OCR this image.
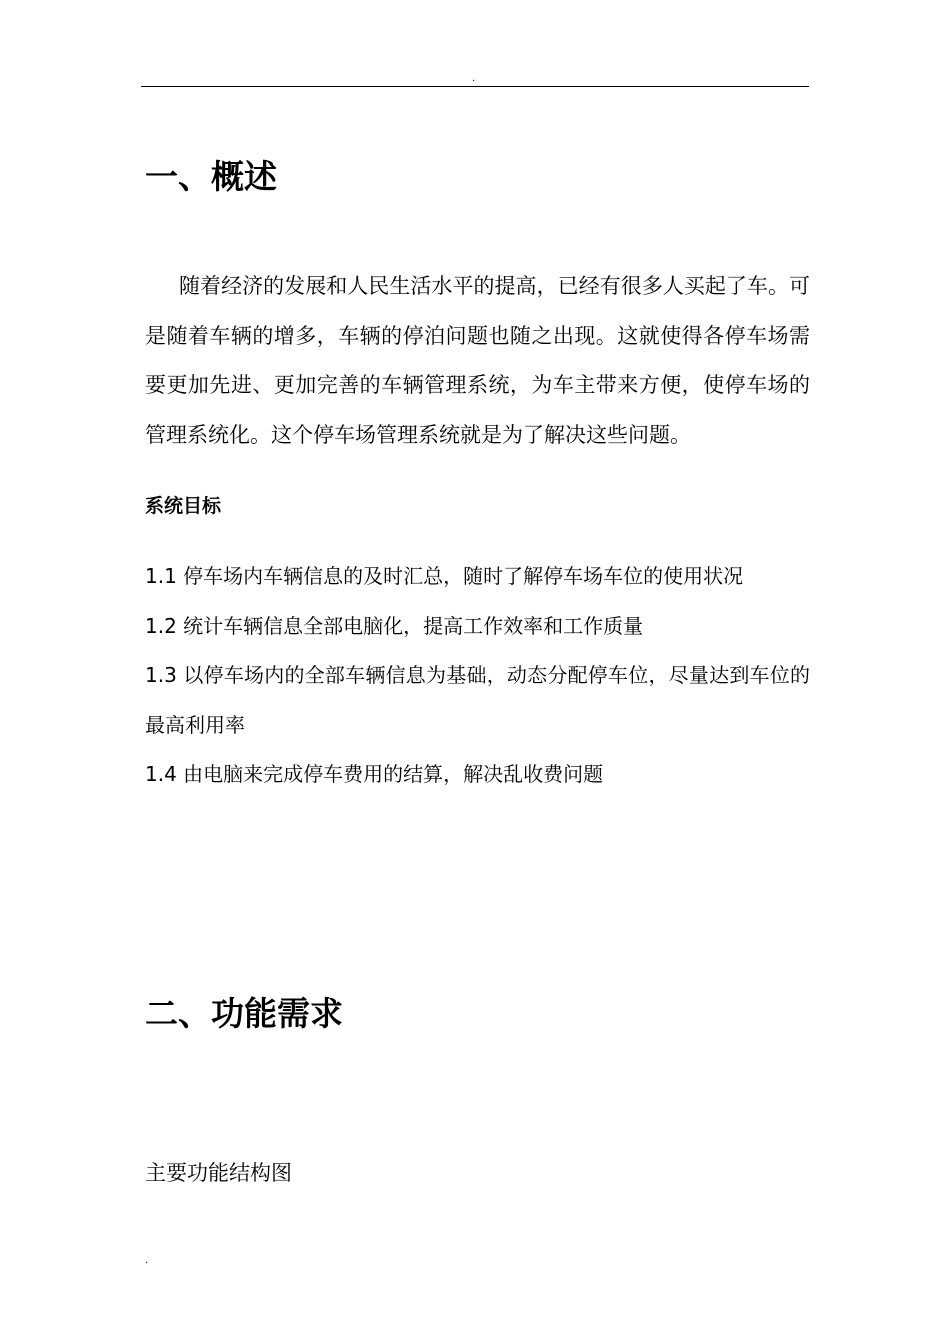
.
一、概述

随着经济的发展和人民生活水平的提高，已经有很多人买起了车。可是随着车辆的增多，车辆的停泊问题也随之出现。这就使得各停车场需要更加先进、更加完善的车辆管理系统，为车主带来方便，使停车场的管理系统化。这个停车场管理系统就是为了解决这些问题。

系统目标
1.1 停车场内车辆信息的及时汇总，随时了解停车场车位的使用状况
1.2 统计车辆信息全部电脑化，提高工作效率和工作质量
1.3 以停车场内的全部车辆信息为基础，动态分配停车位，尽量达到车位的最高利用率
1.4 由电脑来完成停车费用的结算，解决乱收费问题
二、功能需求

主要功能结构图

.
